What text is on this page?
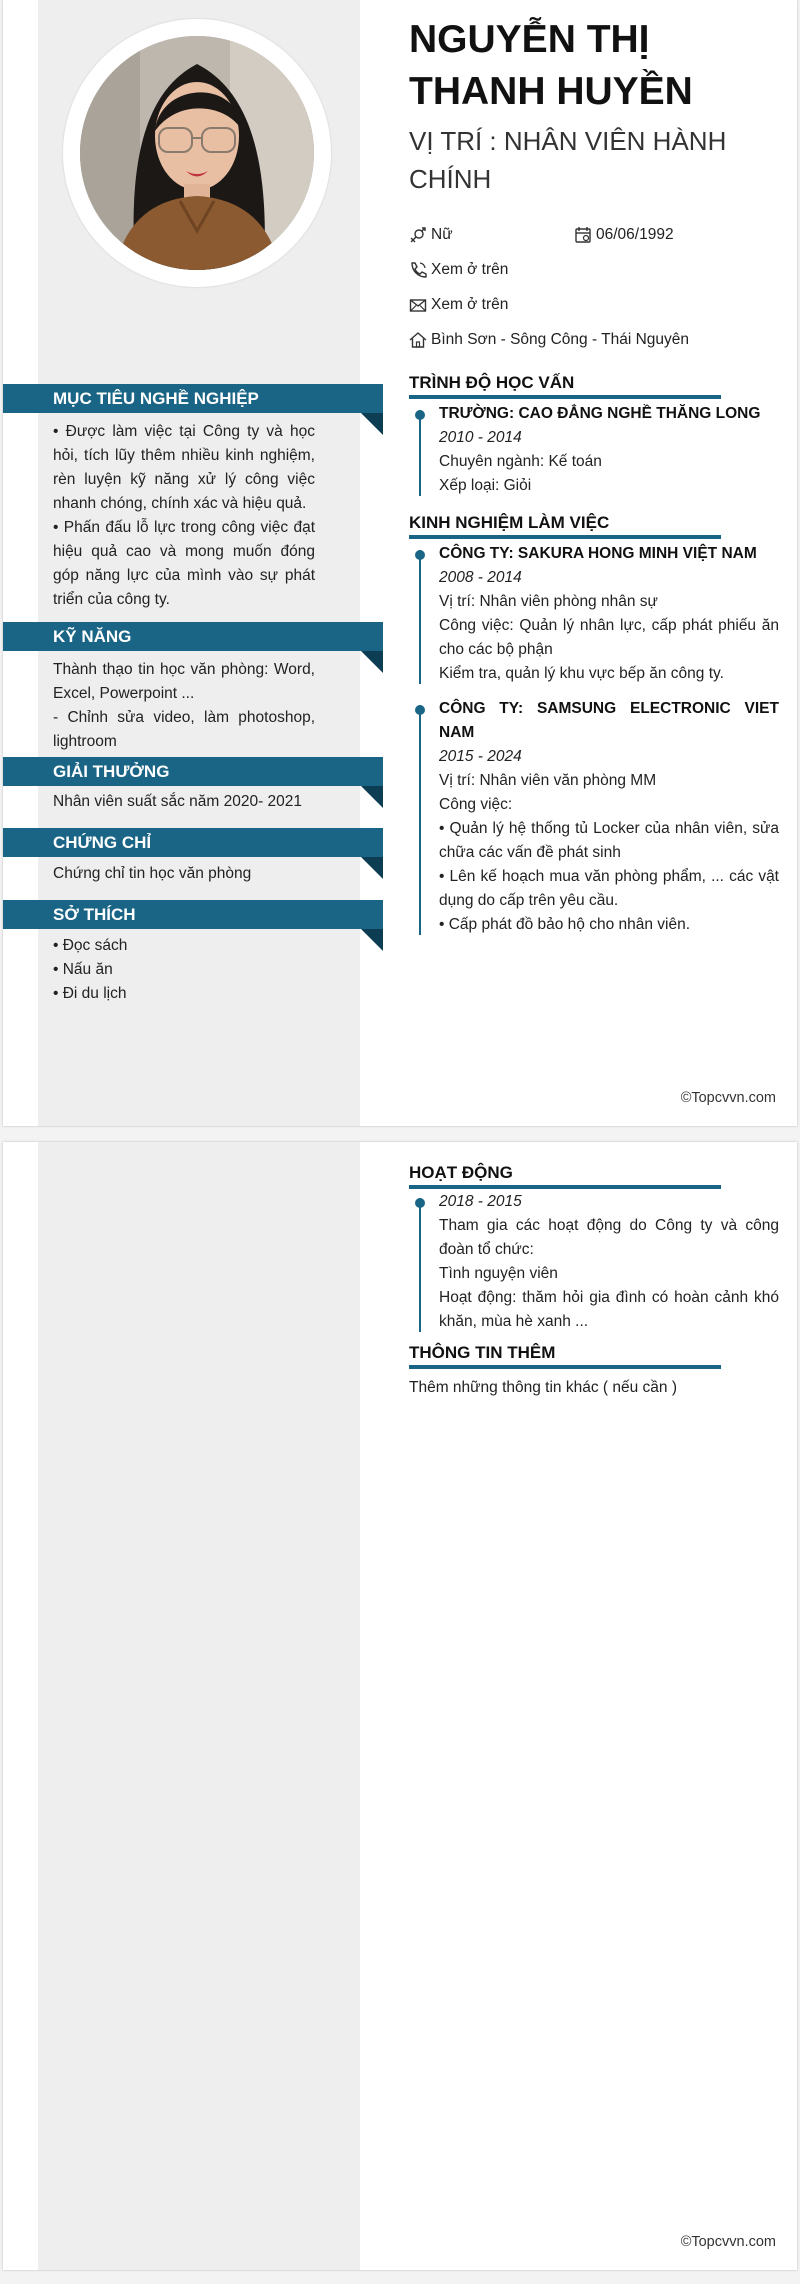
MỤC TIÊU NGHỀ NGHIỆP

• Được làm việc tại Công ty và học hỏi, tích lũy thêm nhiều kinh nghiệm, rèn luyện kỹ năng xử lý công việc nhanh chóng, chính xác và hiệu quả.

• Phấn đấu lỗ lực trong công việc đạt hiệu quả cao và mong muốn đóng góp năng lực của mình vào sự phát triển của công ty.

KỸ NĂNG

Thành thạo tin học văn phòng: Word, Excel, Powerpoint ...

- Chỉnh sửa video, làm photoshop, lightroom

GIẢI THƯỞNG

Nhân viên suất sắc năm 2020- 2021

CHỨNG CHỈ

Chứng chỉ tin học văn phòng

SỞ THÍCH

• Đọc sách

• Nấu ăn

• Đi du lịch

NGUYỄN THỊ
THANH HUYỀN

VỊ TRÍ : NHÂN VIÊN HÀNH
CHÍNH

Nữ	06/06/1992
Xem ở trên
Xem ở trên
Bình Sơn - Sông Công - Thái Nguyên
TRÌNH ĐỘ HỌC VẤN

TRƯỜNG: CAO ĐẲNG NGHỀ THĂNG LONG

2010 - 2014

Chuyên ngành: Kế toán

Xếp loại: Giỏi

KINH NGHIỆM LÀM VIỆC

CÔNG TY: SAKURA HONG MINH VIỆT NAM

2008 - 2014

Vị trí: Nhân viên phòng nhân sự

Công việc: Quản lý nhân lực, cấp phát phiếu ăn cho các bộ phận

Kiểm tra, quản lý khu vực bếp ăn công ty.

CÔNG TY: SAMSUNG ELECTRONIC VIET NAM

2015 - 2024

Vị trí: Nhân viên văn phòng MM

Công việc:

• Quản lý hệ thống tủ Locker của nhân viên, sửa chữa các vấn đề phát sinh

• Lên kế hoạch mua văn phòng phẩm, ... các vật dụng do cấp trên yêu cầu.

• Cấp phát đồ bảo hộ cho nhân viên.

©Topcvvn.com
HOẠT ĐỘNG

2018 - 2015

Tham gia các hoạt động do Công ty và công đoàn tổ chức:

Tình nguyện viên

Hoạt động: thăm hỏi gia đình có hoàn cảnh khó khăn, mùa hè xanh ...

THÔNG TIN THÊM

Thêm những thông tin khác ( nếu cần )

©Topcvvn.com
